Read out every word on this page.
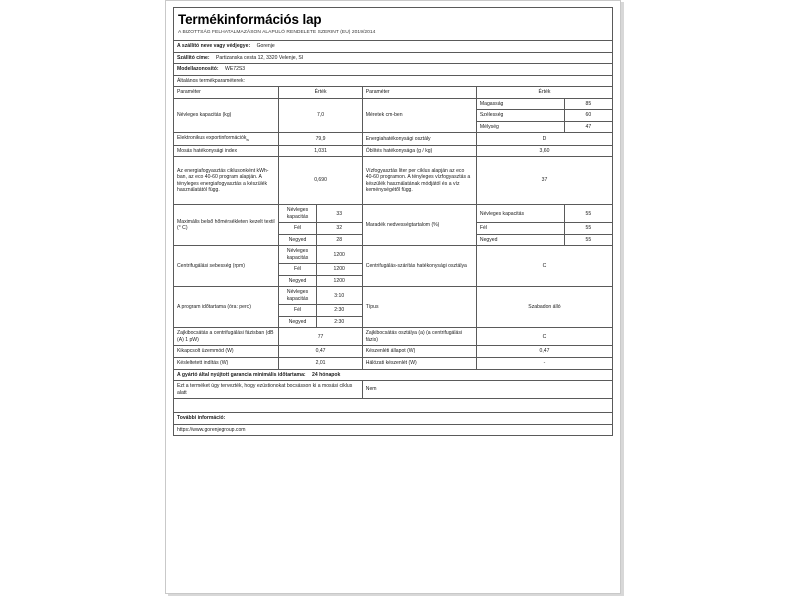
Termékinformációs lap					

A BIZOTTSÁG FELHATALMAZÁSON ALAPULÓ RENDELETE SZERINT (EU) 2019/2014					

A szállító neve vagy védjegye: Gorenje					
Szállító címe: Partizanska cesta 12, 3320 Velenje, SI					
Modellazonosító: WE72S3					
Általános termékparaméterek:					
Paraméter	Érték		Paraméter	Érték	
Névleges kapacitás (kg)	7,0		Méretek cm-ben	Magasság	85
				Szélesség	60
				Mélység	47
Elektronikus exportinformációk$_w$	79,9		Energiahatékonysági osztály	D	
Mosás hatékonysági index	1,031		Öblítés hatékonysága (g / kg)	3,60	
Az energiafogyasztás ciklusonként kWh-ban, az eco 40-60 program alapján. A tényleges energiafogyasztás a készülék használatától függ.	0,690		Vízfogyasztás liter per ciklus alapján az eco 40-60 programon. A tényleges vízfogyasztás a készülék használatának módjától és a víz keménységétől függ.	37	
Maximális belső hőmérsékleten kezelt textil (° C)	Névleges kapacitás	33	Maradék nedvességtartalom (%)	Névleges kapacitás	55
	Fél	32		Fél	55
	Negyed	28		Negyed	55
Centrifugálási sebesség (rpm)	Névleges kapacitás	1200	Centrifugálás-szárítás hatékonysági osztálya	C	
	Fél	1200			
	Negyed	1200			
A program időtartama (óra: perc)	Névleges kapacitás	3:10	Típus	Szabadon álló	
	Fél	2:30			
	Negyed	2:30			
Zajkibocsátás a centrifugálási fázisban (dB (A) 1 pW)	77		Zajkibocsátás osztálya (a) (a centrifugálási fázis)	C	
Kikapcsolt üzemmód (W)	0,47		Készenléti állapot (W)	0,47	
Késleltetett indítás (W)	2,01		Hálózati készenlét (W)	-	
A gyártó által nyújtott garancia minimális időtartama: 24 hónapok					
Ezt a terméket úgy tervezték, hogy ezüstionokat bocsásson ki a mosási ciklus alatt			Nem		

További információ:					
https://www.gorenjegroup.com					
